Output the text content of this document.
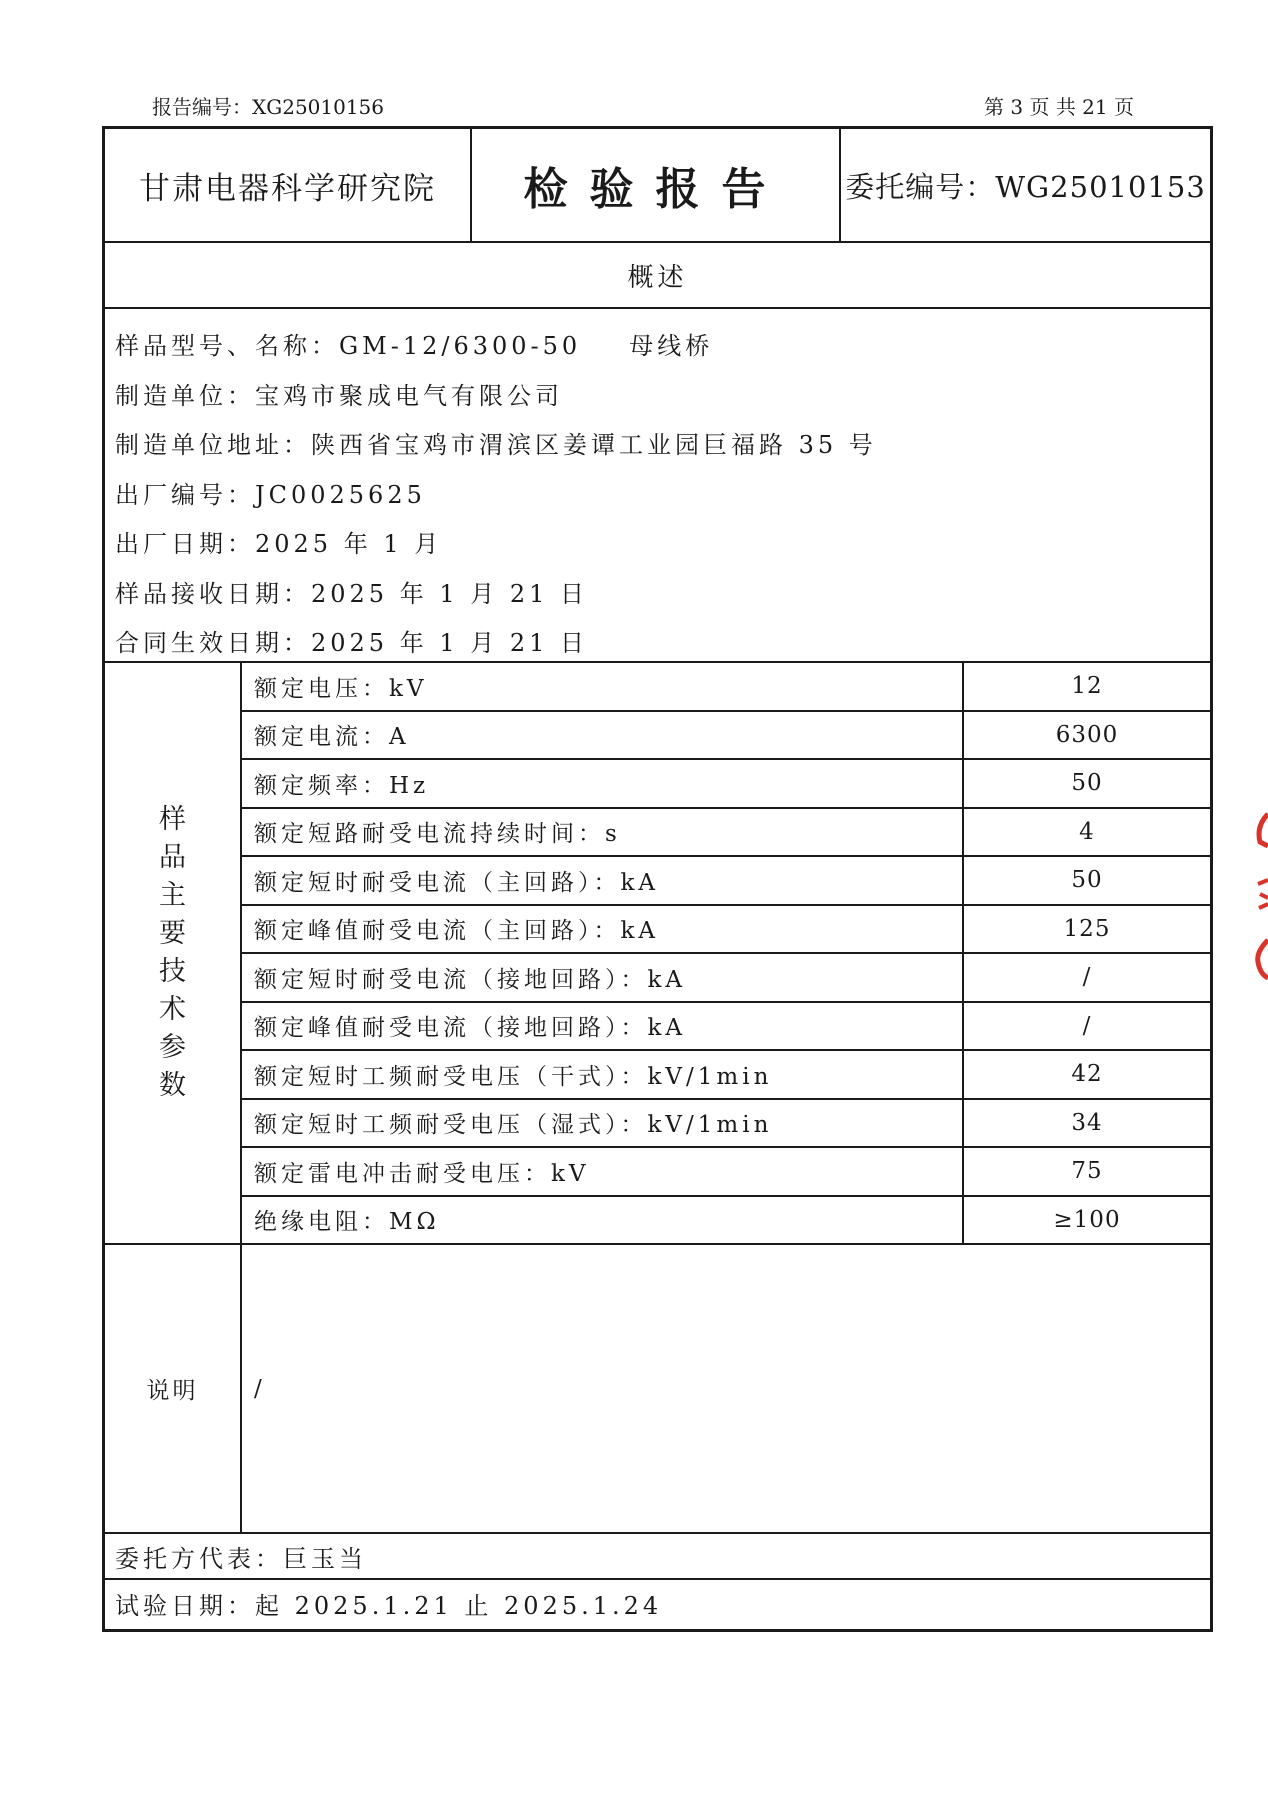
报告编号：XG25010156	第 3 页 共 21 页
甘肃电器科学研究院	检验报告	委托编号：WG25010153
概述
样品型号、名称：GM-12/6300-50 母线桥
制造单位：宝鸡市聚成电气有限公司
制造单位地址：陕西省宝鸡市渭滨区姜谭工业园巨福路 35 号
出厂编号：JC0025625
出厂日期：2025 年 1 月
样品接收日期：2025 年 1 月 21 日
合同生效日期：2025 年 1 月 21 日
样
品
主
要
技
术
参
数
额定电压：kV	12
额定电流：A	6300
额定频率：Hz	50
额定短路耐受电流持续时间：s	4
额定短时耐受电流（主回路）：kA	50
额定峰值耐受电流（主回路）：kA	125
额定短时耐受电流（接地回路）：kA	/
额定峰值耐受电流（接地回路）：kA	/
额定短时工频耐受电压（干式）：kV/1min	42
额定短时工频耐受电压（湿式）：kV/1min	34
额定雷电冲击耐受电压：kV	75
绝缘电阻：MΩ	≥100
说明	/
委托方代表：巨玉当
试验日期：起 2025.1.21 止 2025.1.24
